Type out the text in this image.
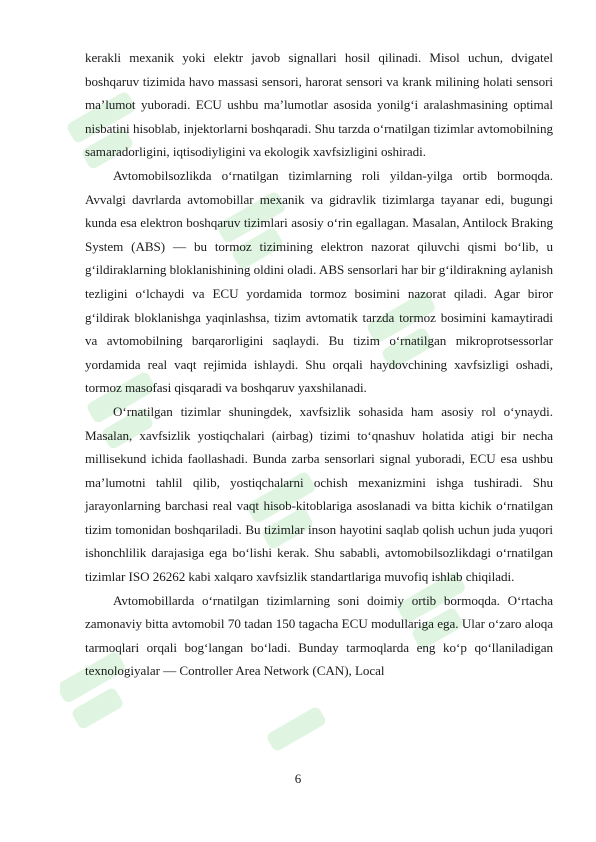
kerakli mexanik yoki elektr javob signallari hosil qilinadi. Misol uchun, dvigatel boshqaruv tizimida havo massasi sensori, harorat sensori va krank milining holati sensori ma’lumot yuboradi. ECU ushbu ma’lumotlar asosida yonilg‘i aralashmasining optimal nisbatini hisoblab, injektorlarni boshqaradi. Shu tarzda o‘rnatilgan tizimlar avtomobilning samaradorligini, iqtisodiyligini va ekologik xavfsizligini oshiradi.

Avtomobilsozlikda o‘rnatilgan tizimlarning roli yildan-yilga ortib bormoqda. Avvalgi davrlarda avtomobillar mexanik va gidravlik tizimlarga tayanar edi, bugungi kunda esa elektron boshqaruv tizimlari asosiy o‘rin egallagan. Masalan, Antilock Braking System (ABS) — bu tormoz tizimining elektron nazorat qiluvchi qismi bo‘lib, u g‘ildiraklarning bloklanishining oldini oladi. ABS sensorlari har bir g‘ildirakning aylanish tezligini o‘lchaydi va ECU yordamida tormoz bosimini nazorat qiladi. Agar biror g‘ildirak bloklanishga yaqinlashsa, tizim avtomatik tarzda tormoz bosimini kamaytiradi va avtomobilning barqarorligini saqlaydi. Bu tizim o‘rnatilgan mikroprotsessorlar yordamida real vaqt rejimida ishlaydi. Shu orqali haydovchining xavfsizligi oshadi, tormoz masofasi qisqaradi va boshqaruv yaxshilanadi.

O‘rnatilgan tizimlar shuningdek, xavfsizlik sohasida ham asosiy rol o‘ynaydi. Masalan, xavfsizlik yostiqchalari (airbag) tizimi to‘qnashuv holatida atigi bir necha millisekund ichida faollashadi. Bunda zarba sensorlari signal yuboradi, ECU esa ushbu ma’lumotni tahlil qilib, yostiqchalarni ochish mexanizmini ishga tushiradi. Shu jarayonlarning barchasi real vaqt hisob-kitoblariga asoslanadi va bitta kichik o‘rnatilgan tizim tomonidan boshqariladi. Bu tizimlar inson hayotini saqlab qolish uchun juda yuqori ishonchlilik darajasiga ega bo‘lishi kerak. Shu sababli, avtomobilsozlikdagi o‘rnatilgan tizimlar ISO 26262 kabi xalqaro xavfsizlik standartlariga muvofiq ishlab chiqiladi.

Avtomobillarda o‘rnatilgan tizimlarning soni doimiy ortib bormoqda. O‘rtacha zamonaviy bitta avtomobil 70 tadan 150 tagacha ECU modullariga ega. Ular o‘zaro aloqa tarmoqlari orqali bog‘langan bo‘ladi. Bunday tarmoqlarda eng ko‘p qo‘llaniladigan texnologiyalar — Controller Area Network (CAN), Local

6
